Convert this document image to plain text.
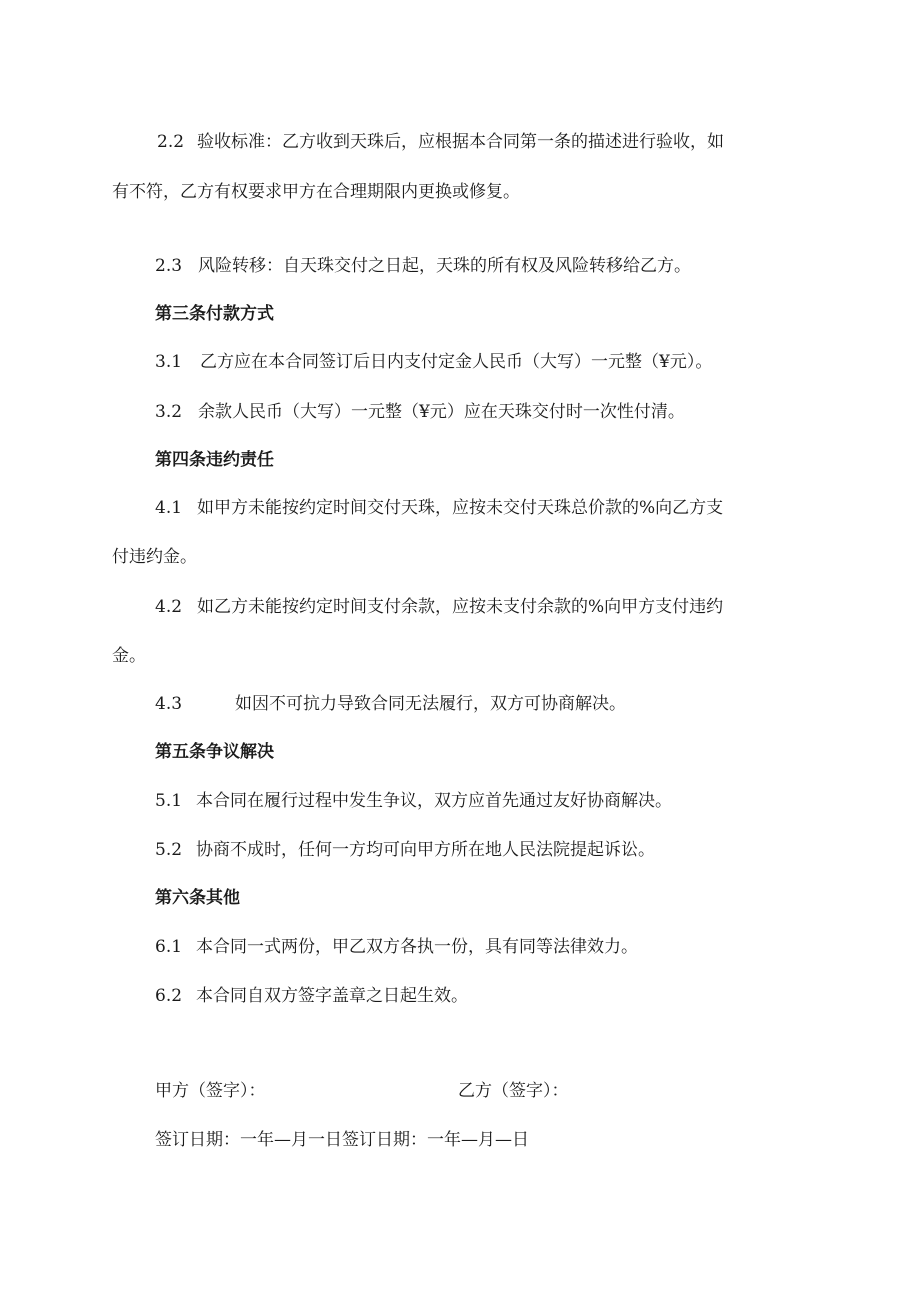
2.2 验收标准：乙方收到天珠后，应根据本合同第一条的描述进行验收，如
有不符，乙方有权要求甲方在合理期限内更换或修复。
2.3 风险转移：自天珠交付之日起，天珠的所有权及风险转移给乙方。
第三条付款方式
3.1 乙方应在本合同签订后日内支付定金人民币（大写）一元整（¥元）。
3.2 余款人民币（大写）一元整（¥元）应在天珠交付时一次性付清。
第四条违约责任
4.1 如甲方未能按约定时间交付天珠，应按未交付天珠总价款的%向乙方支
付违约金。
4.2 如乙方未能按约定时间支付余款，应按未支付余款的%向甲方支付违约
金。
4.3	如因不可抗力导致合同无法履行，双方可协商解决。
第五条争议解决
5.1 本合同在履行过程中发生争议，双方应首先通过友好协商解决。
5.2 协商不成时，任何一方均可向甲方所在地人民法院提起诉讼。
第六条其他
6.1 本合同一式两份，甲乙双方各执一份，具有同等法律效力。
6.2 本合同自双方签字盖章之日起生效。
甲方（签字）：	乙方（签字）：
签订日期：一年—月一日签订日期：一年—月—日
